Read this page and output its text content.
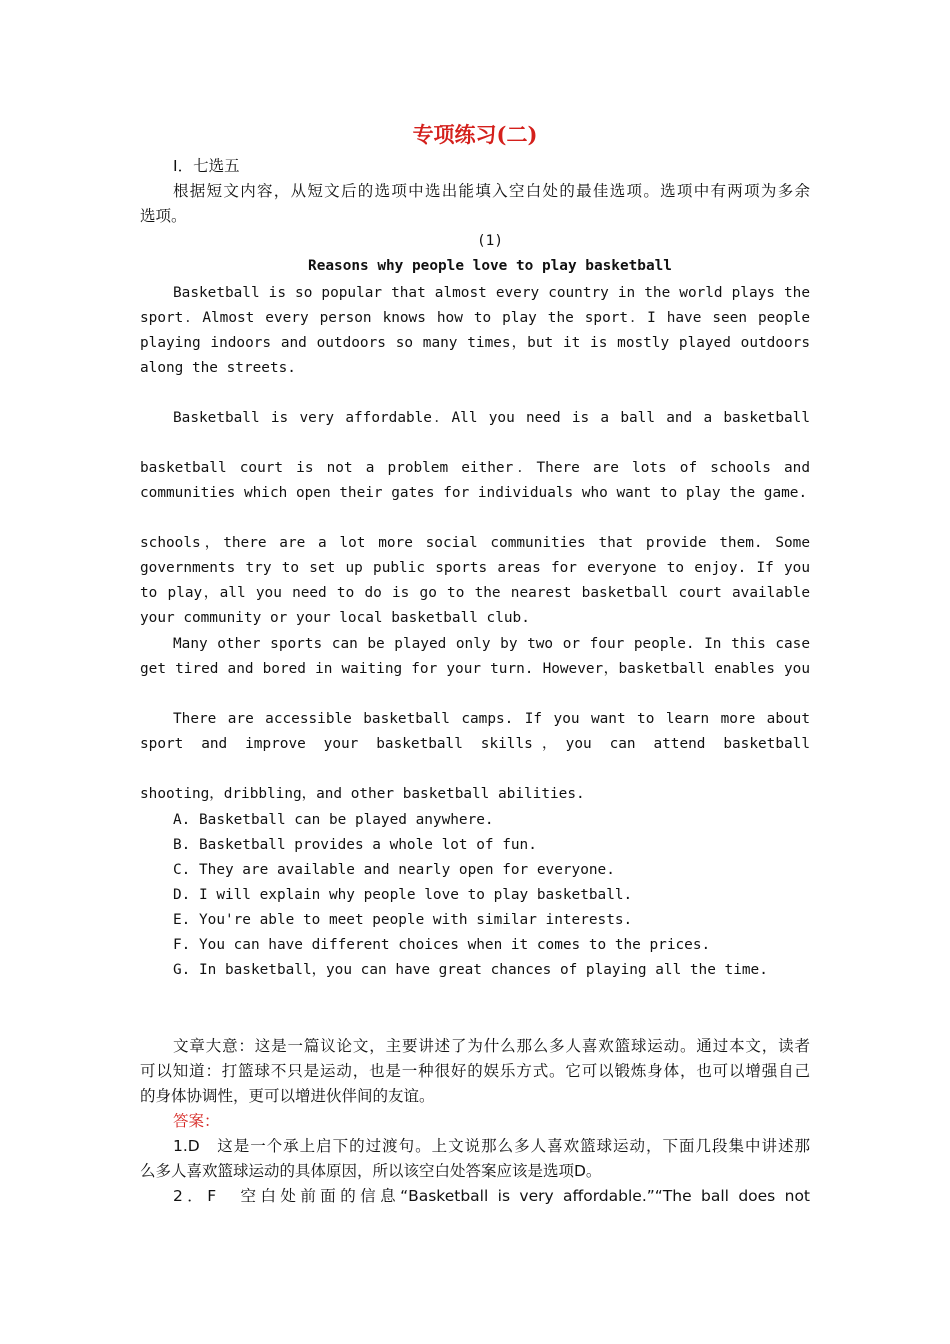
专项练习(二)
Ⅰ．七选五
根据短文内容，从短文后的选项中选出能填入空白处的最佳选项。选项中有两项为多余
选项。
(1)
Reasons why people love to play basketball
Basketball is so popular that almost every country in the world plays the
sport．Almost every person knows how to play the sport．I have seen people
playing indoors and outdoors so many times，but it is mostly played outdoors
along the streets.

Basketball is very affordable．All you need is a ball and a basketball

basketball court is not a problem either．There are lots of schools and
communities which open their gates for individuals who want to play the game.

schools，there are a lot more social communities that provide them. Some
governments try to set up public sports areas for everyone to enjoy. If you
to play，all you need to do is go to the nearest basketball court available
your community or your local basketball club.
Many other sports can be played only by two or four people. In this case
get tired and bored in waiting for your turn. However，basketball enables you

There are accessible basketball camps. If you want to learn more about
sport and improve your basketball skills，you can attend basketball

shooting，dribbling，and other basketball abilities.
A. Basketball can be played anywhere.
B. Basketball provides a whole lot of fun.
C. They are available and nearly open for everyone.
D. I will explain why people love to play basketball.
E. You're able to meet people with similar interests.
F. You can have different choices when it comes to the prices.
G. In basketball，you can have great chances of playing all the time.

文章大意：这是一篇议论文，主要讲述了为什么那么多人喜欢篮球运动。通过本文，读者
可以知道：打篮球不只是运动，也是一种很好的娱乐方式。它可以锻炼身体，也可以增强自己
的身体协调性，更可以增进伙伴间的友谊。
答案：
1.D　这是一个承上启下的过渡句。上文说那么多人喜欢篮球运动，下面几段集中讲述那
么多人喜欢篮球运动的具体原因，所以该空白处答案应该是选项D。
2．F　空白处前面的信息“Basketball is very affordable.”“The ball does not
